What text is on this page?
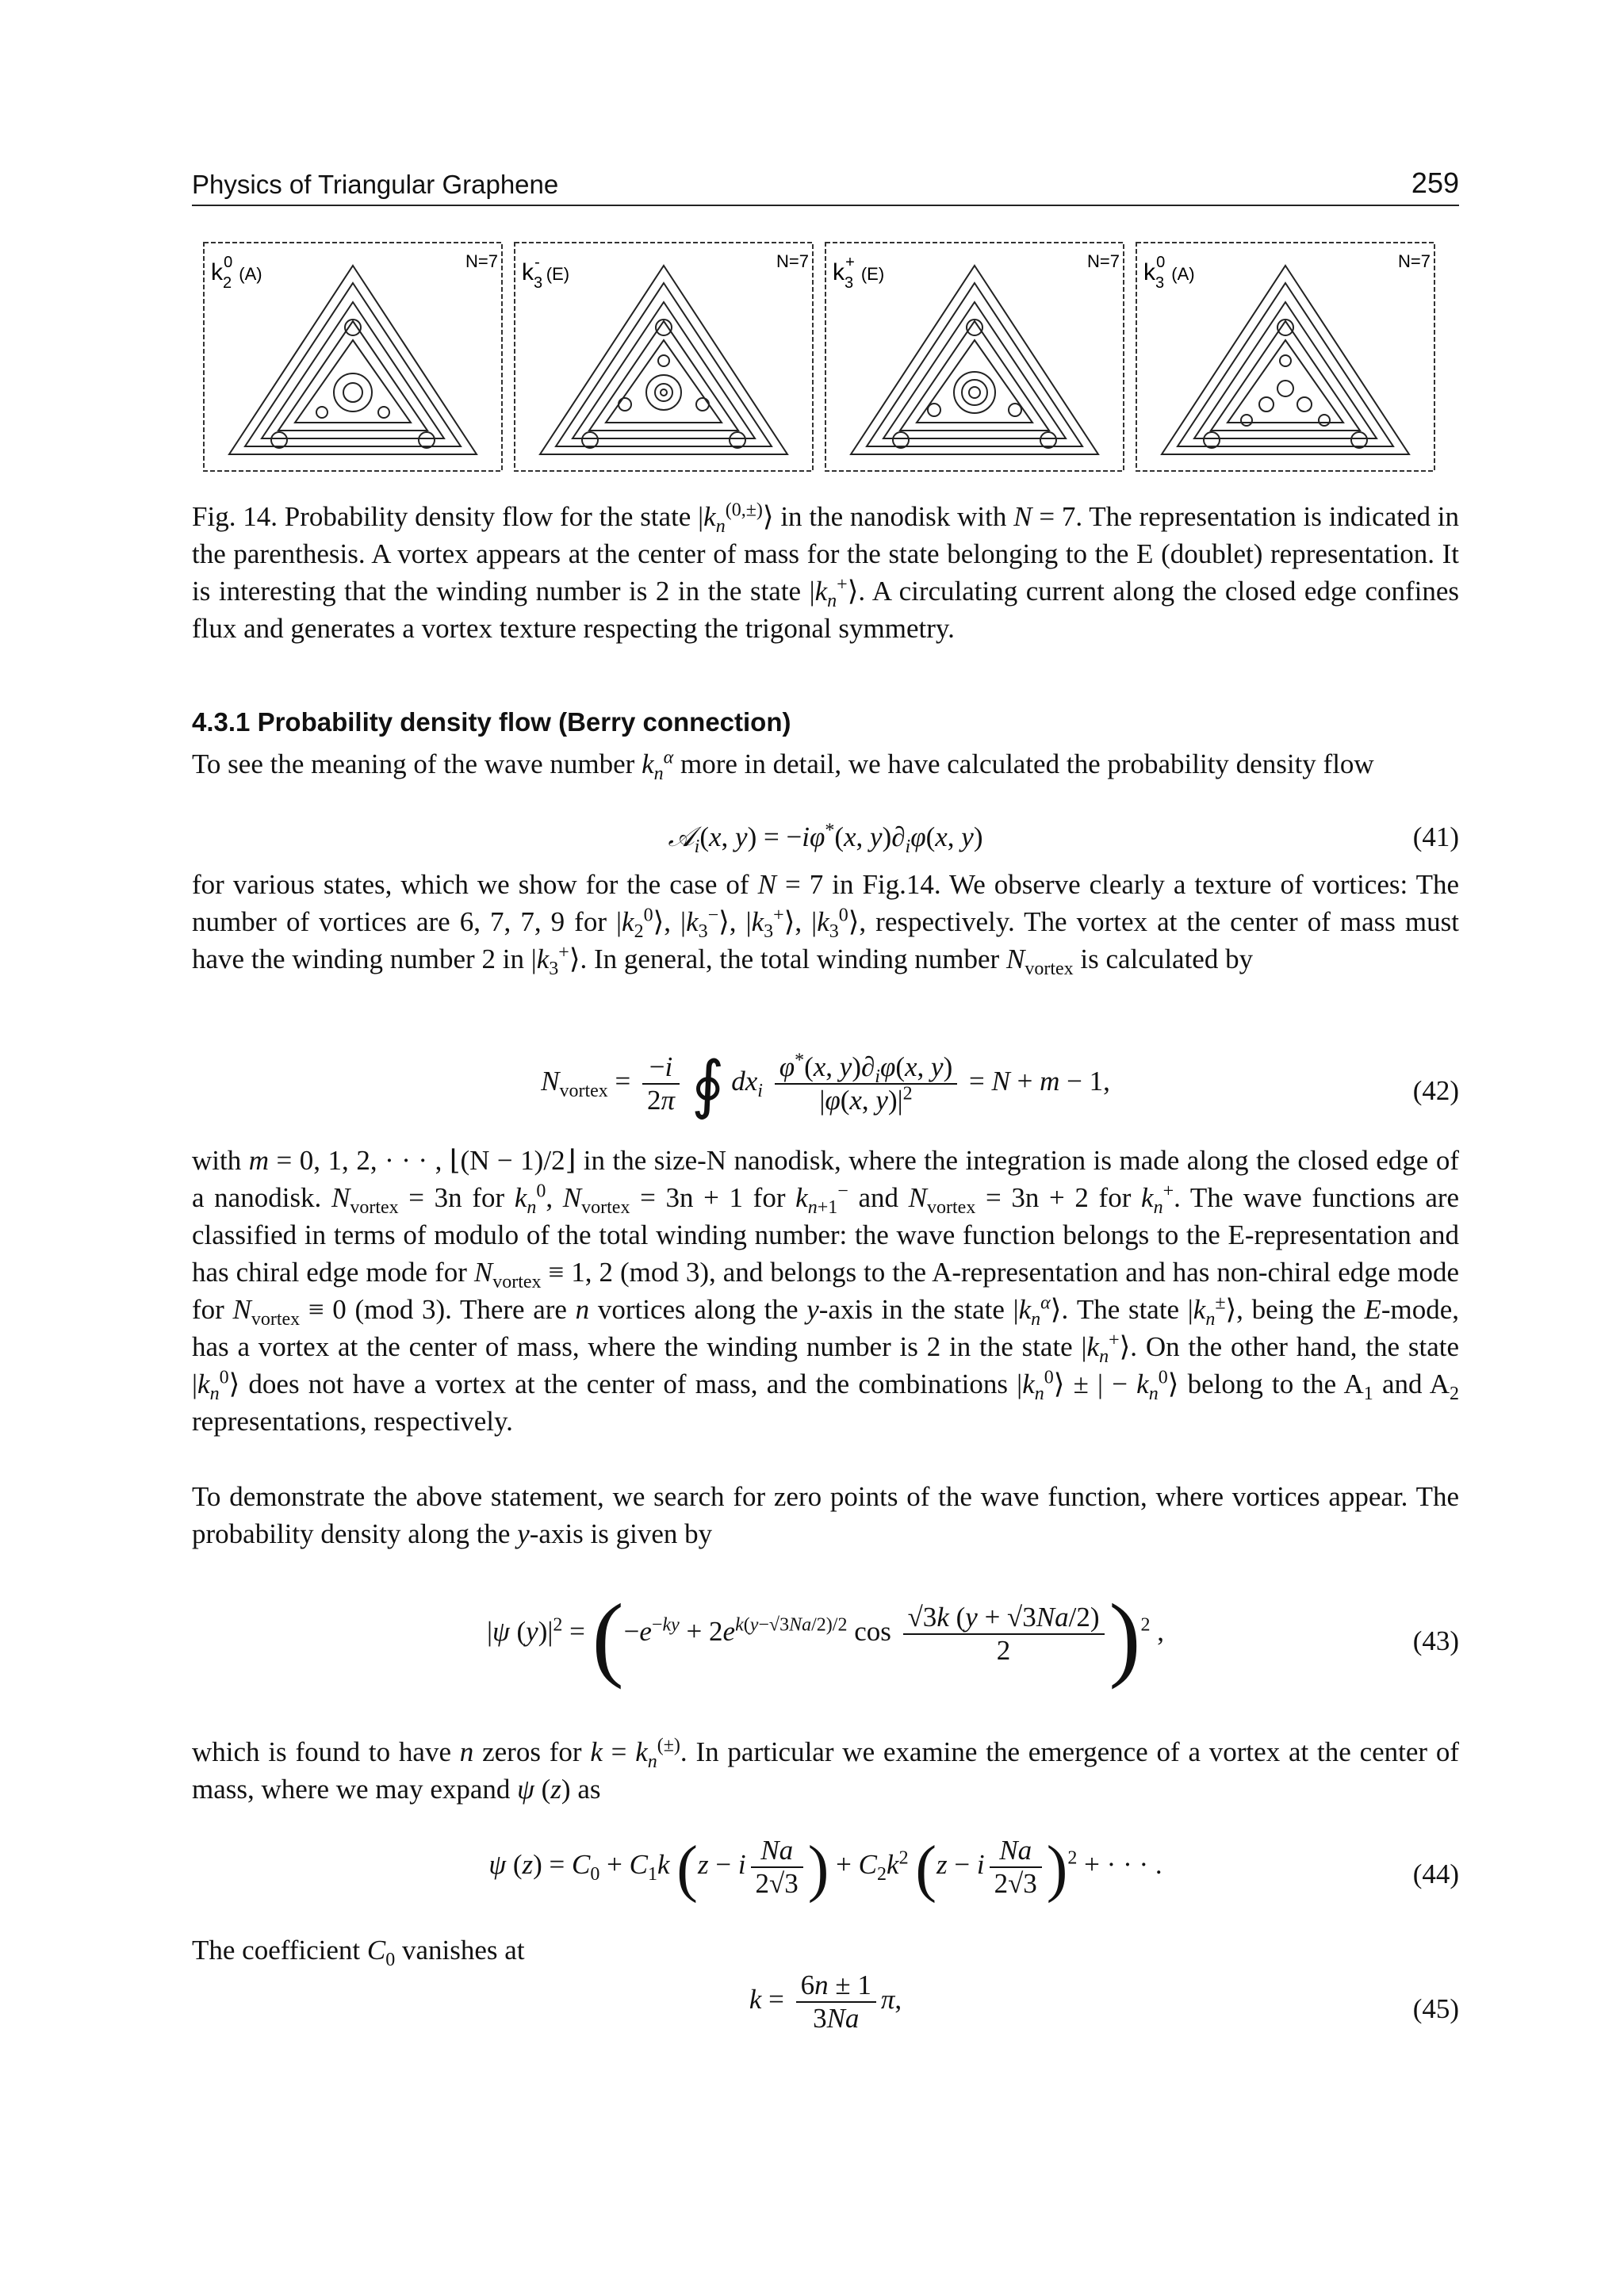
Physics of Triangular Graphene	259
$k_20_{(A)}$
N=7 $k_3-_{(E)}$
N=7 $k_3+_{(E)}$
N=7 $k_30_{(A)}$
N=7
Fig. 14. Probability density flow for the state $|k_n^{(0,\pm)}⟩$ in the nanodisk with N = 7. The representation is indicated in the parenthesis. A vortex appears at the center of mass for the state belonging to the E (doublet) representation. It is interesting that the winding number is 2 in the state $|k_n^+⟩$. A circulating current along the closed edge confines flux and generates a vortex texture respecting the trigonal symmetry.
4.3.1 Probability density flow (Berry connection)
To see the meaning of the wave number $k_n^\alpha$ more in detail, we have calculated the probability density flow
𝒜$_i$(x, y) = −iφ*(x, $y)\partial_i\varphi(x$, y)	(41)
for various states, which we show for the case of N = 7 in Fig.14. We observe clearly a texture of vortices: The number of vortices are 6, 7, 7, 9 for $|k_2^0⟩$, $|k_3^-⟩$, $|k_3^+⟩$, $|k_3^0⟩$, respectively. The vortex at the center of mass must have the winding number 2 in $|k_3^+⟩$. In general, the total winding number $N_{vortex}$ is calculated by
$N_{vortex} = \frac{-i}{2\pi}$ ∮ $dx_i \frac{\varphi^*(x, y)\partial_i\varphi(x, y)}{|\varphi(x, y)|^2} = N + m - 1$,	(42)
with m = 0, 1, 2, · · · , ⌊(N − 1)/2⌋ in the size-N nanodisk, where the integration is made along the closed edge of a nanodisk. $N_{vortex} = 3n$ for $k_n^0$, $N_{vortex} = 3n + 1$ for $k_{n+1}^-$ and $N_{vortex} = 3n + 2$ for $k_n^+$. The wave functions are classified in terms of modulo of the total winding number: the wave function belongs to the E-representation and has chiral edge mode for $N_{vortex} \equiv 1$, 2 (mod 3), and belongs to the A-representation and has non-chiral edge mode for $N_{vortex} \equiv 0$ (mod 3). There are n vortices along the y-axis in the state $|k_n^\alpha⟩$. The state $|k_n^\pm⟩$, being the E-mode, has a vortex at the center of mass, where the winding number is 2 in the state $|k_n^+⟩$. On the other hand, the state $|k_n^0⟩$ does not have a vortex at the center of mass, and the combinations $|k_n^0⟩$ ± | − $k_n^0⟩$ belong to the $A_1$ and $A_2$ representations, respectively.
To demonstrate the above statement, we search for zero points of the wave function, where vortices appear. The probability density along the y-axis is given by
|ψ $(y)|^2 = (-e^{-ky} + 2e^{k(y-√3Na/2)/2}$ $\cos \frac{√3k (y + √3Na/2)}{2} )^2$ ,	(43)
which is found to have n zeros for $k = k_n^{(\pm)}$. In particular we examine the emergence of a vortex at the center of mass, where we may expand ψ (z) as
ψ $(z) = C_0 + C_1k$ (z − i $\frac{Na}{2√3}$ ) + $C_2k^2$ (z − i $\frac{Na}{2√3} )^2$ + · · · .	(44)
The coefficient $C_0$ vanishes at
$k = \frac{6n \pm 1}{3Na} \pi$,	(45)
